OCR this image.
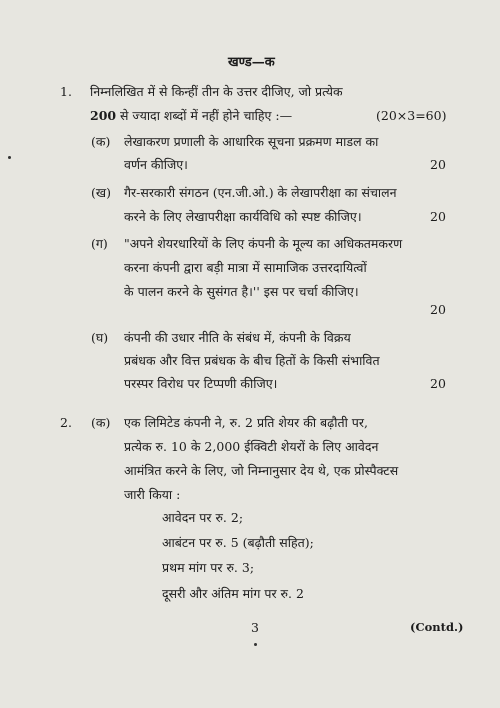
खण्ड—क
1. निम्नलिखित में से किन्हीं तीन के उत्तर दीजिए, जो प्रत्येक
200 से ज्यादा शब्दों में नहीं होने चाहिए :—	(20×3=60)
(क) लेखाकरण प्रणाली के आधारिक सूचना प्रक्रमण माडल का
वर्णन कीजिए।	20
(ख) गैर-सरकारी संगठन (एन.जी.ओ.) के लेखापरीक्षा का संचालन
करने के लिए लेखापरीक्षा कार्यविधि को स्पष्ट कीजिए।	20
(ग) "अपने शेयरधारियों के लिए कंपनी के मूल्य का अधिकतमकरण
करना कंपनी द्वारा बड़ी मात्रा में सामाजिक उत्तरदायित्वों
के पालन करने के सुसंगत है।'' इस पर चर्चा कीजिए।
20
(घ) कंपनी की उधार नीति के संबंध में, कंपनी के विक्रय
प्रबंधक और वित्त प्रबंधक के बीच हितों के किसी संभावित
परस्पर विरोध पर टिप्पणी कीजिए।	20
2. (क) एक लिमिटेड कंपनी ने, रु. 2 प्रति शेयर की बढ़ौती पर,
प्रत्येक रु. 10 के 2,000 ईक्विटी शेयरों के लिए आवेदन
आमंत्रित करने के लिए, जो निम्नानुसार देय थे, एक प्रोस्पैक्टस
जारी किया :
आवेदन पर रु. 2;
आबंटन पर रु. 5 (बढ़ौती सहित);
प्रथम मांग पर रु. 3;
दूसरी और अंतिम मांग पर रु. 2
3	(Contd.)
